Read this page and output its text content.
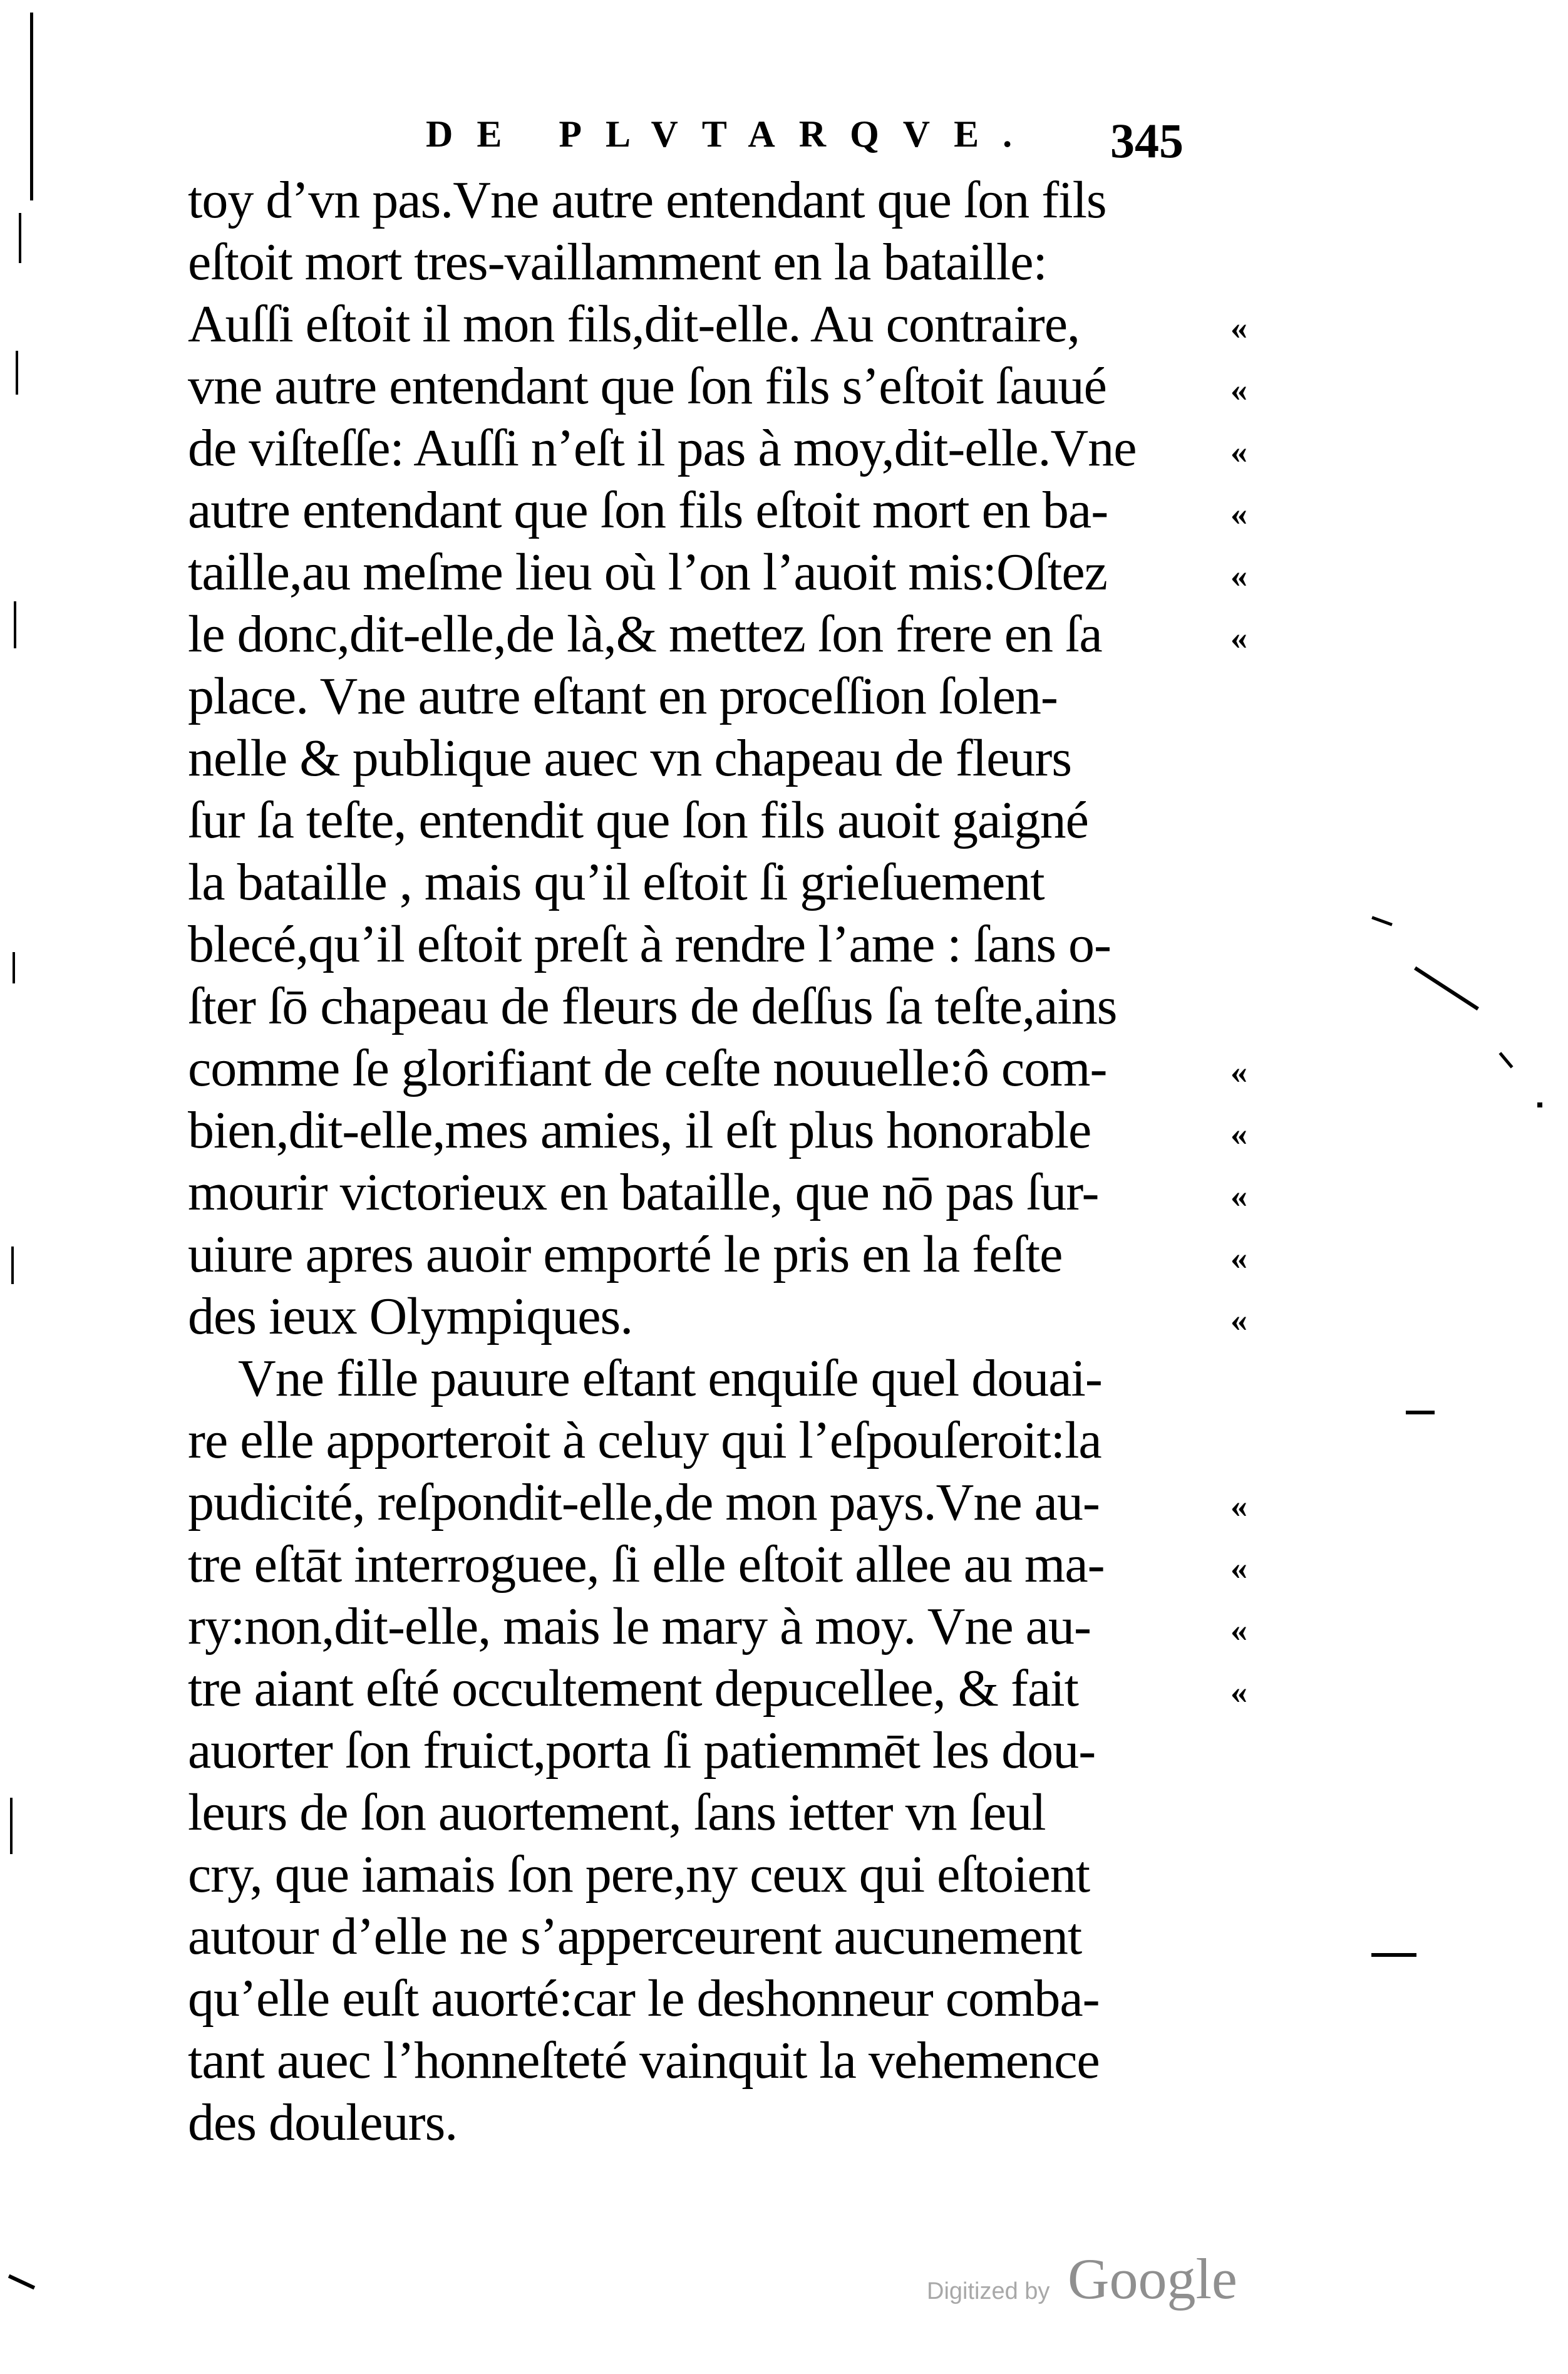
DE PLVTARQVE. 345
toy d’vn pas.Vne autre entendant que ſon fils
eſtoit mort tres-vaillamment en la bataille:
Auſſi eſtoit il mon fils,dit-elle. Au contraire,	«
vne autre entendant que ſon fils s’eſtoit ſauué	«
de viſteſſe: Auſſi n’eſt il pas à moy,dit-elle.Vne	«
autre entendant que ſon fils eſtoit mort en ba-	«
taille,au meſme lieu où l’on l’auoit mis:Oſtez	«
le donc,dit-elle,de là,& mettez ſon frere en ſa	«
place. Vne autre eſtant en proceſſion ſolen-
nelle & publique auec vn chapeau de fleurs
ſur ſa teſte, entendit que ſon fils auoit gaigné
la bataille , mais qu’il eſtoit ſi grieſuement
blecé,qu’il eſtoit preſt à rendre l’ame : ſans o-
ſter ſō chapeau de fleurs de deſſus ſa teſte,ains
comme ſe glorifiant de ceſte nouuelle:ô com-	«
bien,dit-elle,mes amies, il eſt plus honorable	«
mourir victorieux en bataille, que nō pas ſur-	«
uiure apres auoir emporté le pris en la feſte	«
des ieux Olympiques.	«
Vne fille pauure eſtant enquiſe quel douai-
re elle apporteroit à celuy qui l’eſpouſeroit:la
pudicité, reſpondit-elle,de mon pays.Vne au-	«
tre eſtāt interroguee, ſi elle eſtoit allee au ma-	«
ry:non,dit-elle, mais le mary à moy. Vne au-	«
tre aiant eſté occultement depucellee, & fait	«
auorter ſon fruict,porta ſi patiemmēt les dou-
leurs de ſon auortement, ſans ietter vn ſeul
cry, que iamais ſon pere,ny ceux qui eſtoient
autour d’elle ne s’apperceurent aucunement
qu’elle euſt auorté:car le deshonneur comba-
tant auec l’honneſteté vainquit la vehemence
des douleurs.
Digitized by Google
